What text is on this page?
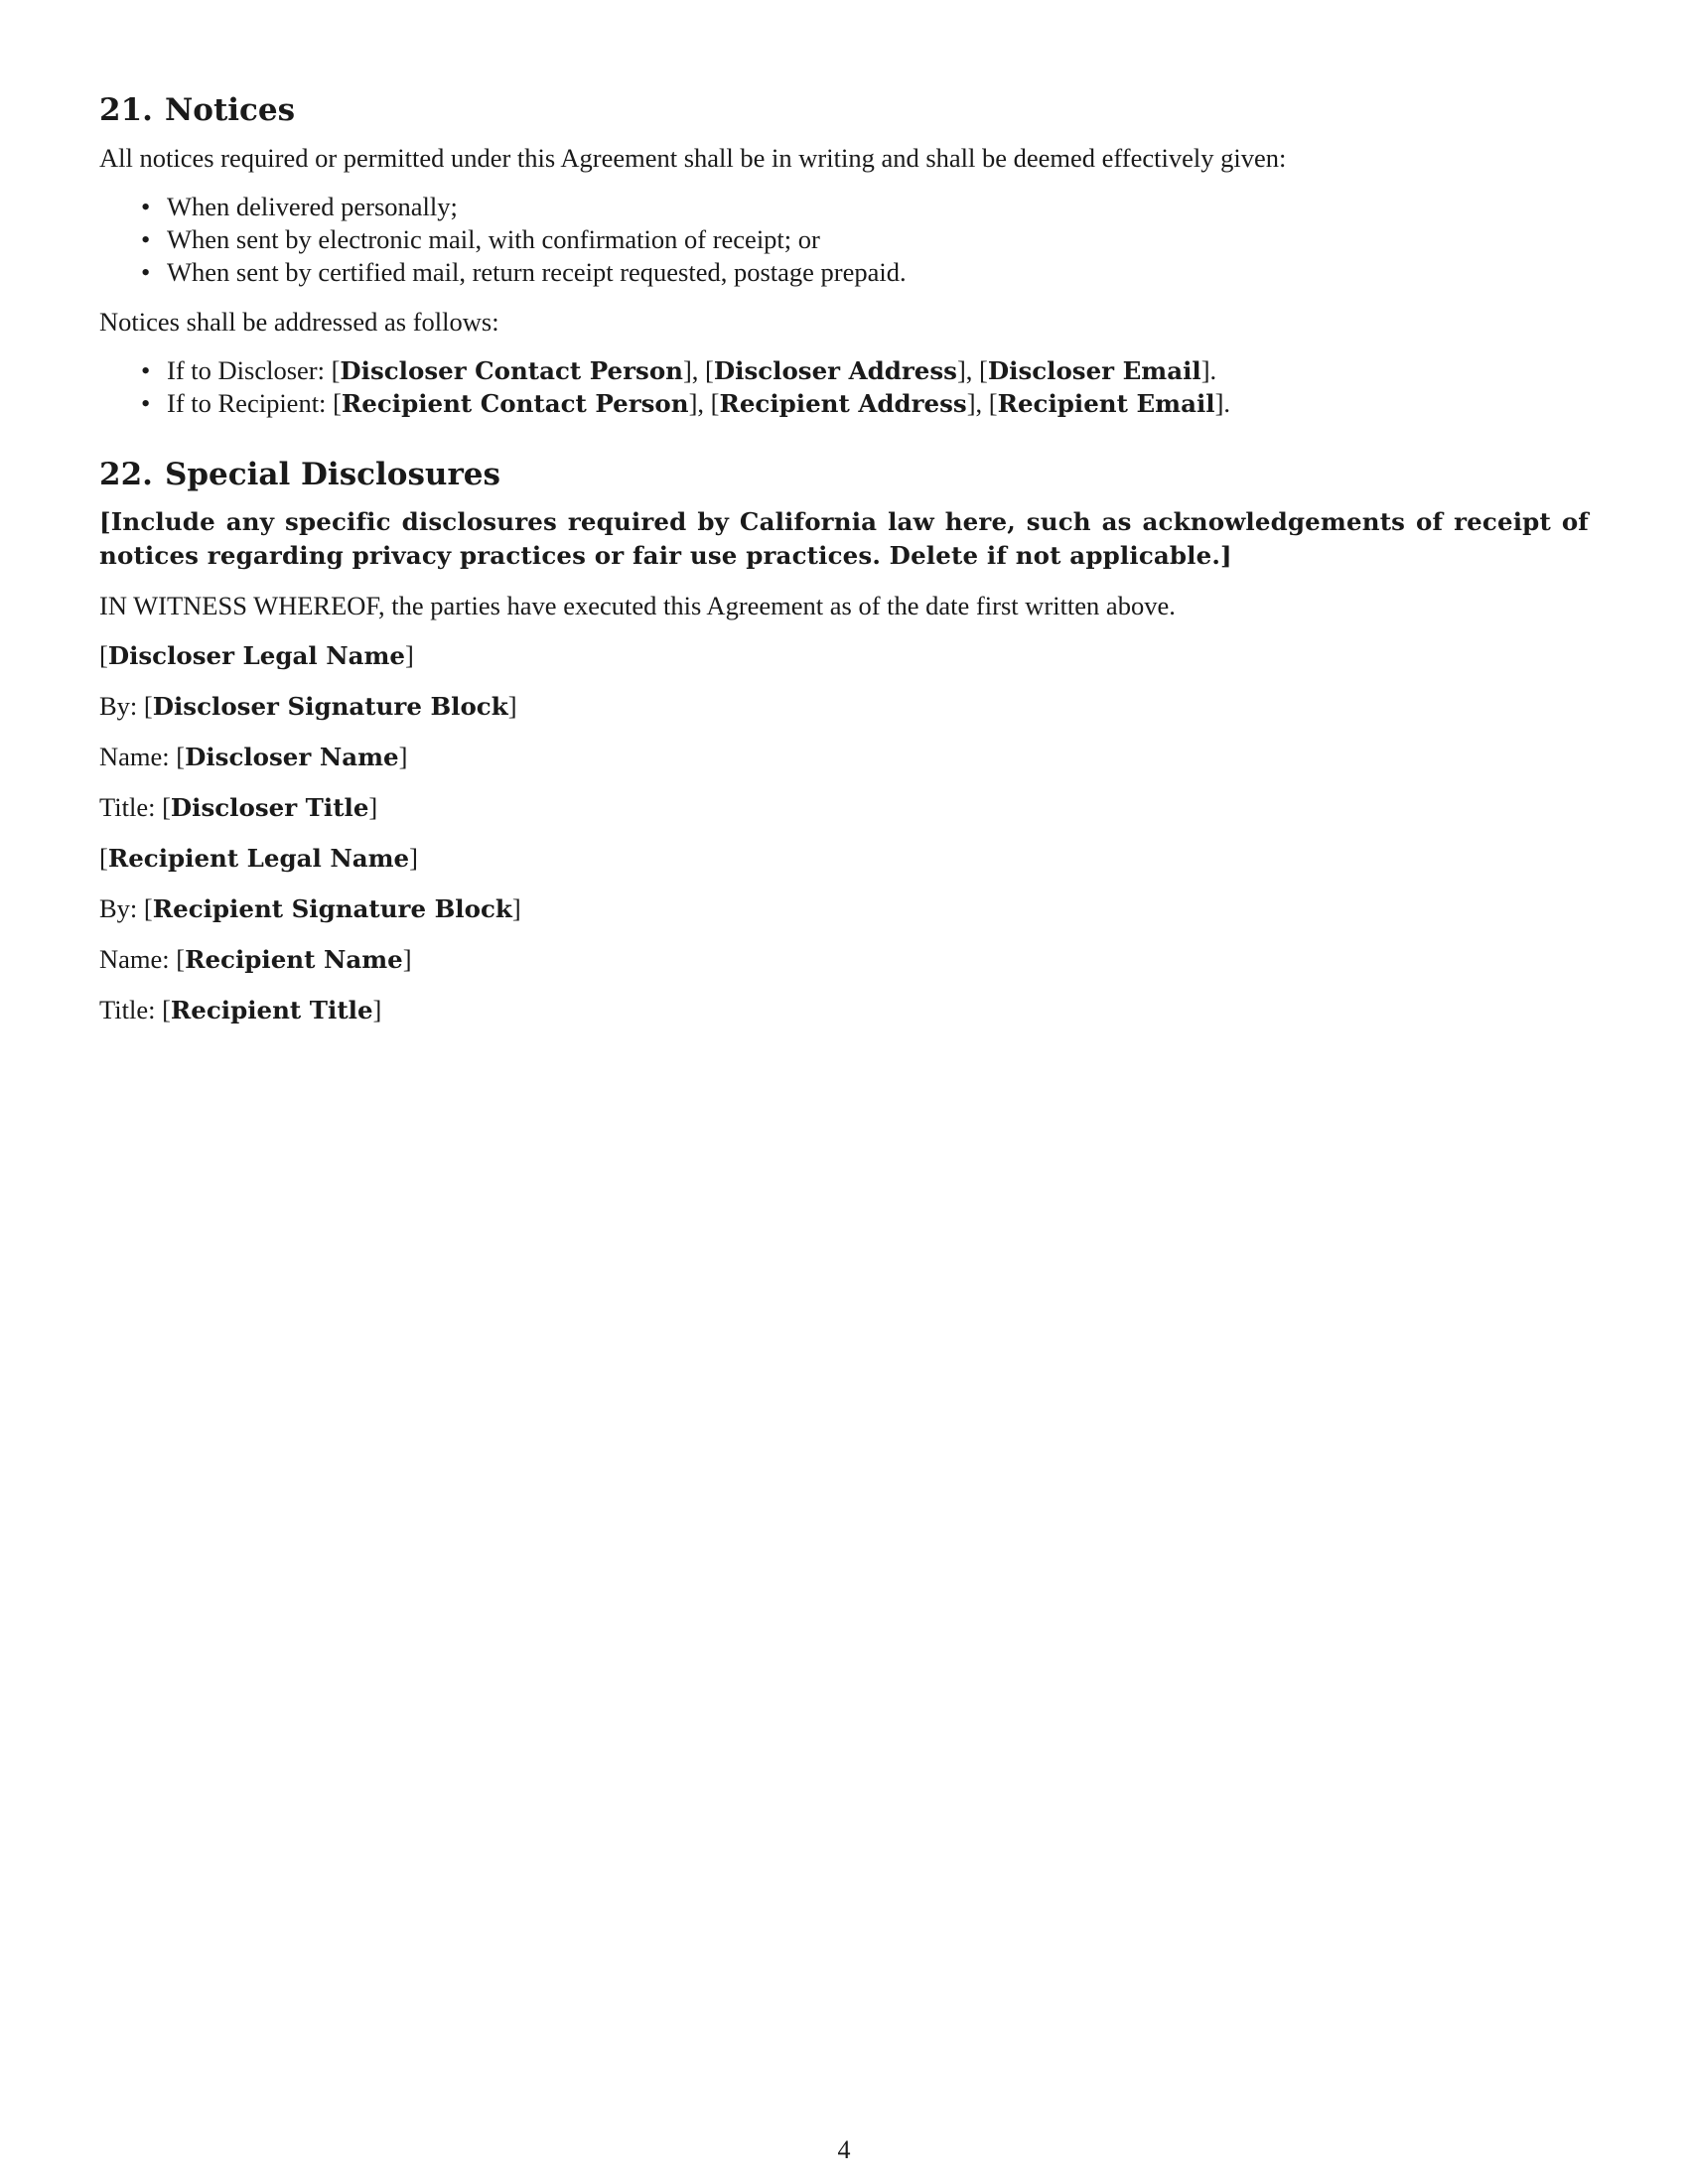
21. Notices

All notices required or permitted under this Agreement shall be in writing and shall be deemed effectively given:

• When delivered personally;
• When sent by electronic mail, with confirmation of receipt; or
• When sent by certified mail, return receipt requested, postage prepaid.

Notices shall be addressed as follows:

• If to Discloser: [Discloser Contact Person], [Discloser Address], [Discloser Email].
• If to Recipient: [Recipient Contact Person], [Recipient Address], [Recipient Email].
22. Special Disclosures

[Include any specific disclosures required by California law here, such as acknowledgements of receipt of notices regarding privacy practices or fair use practices. Delete if not applicable.]

IN WITNESS WHEREOF, the parties have executed this Agreement as of the date first written above.

[Discloser Legal Name]

By: [Discloser Signature Block]

Name: [Discloser Name]

Title: [Discloser Title]

[Recipient Legal Name]

By: [Recipient Signature Block]

Name: [Recipient Name]

Title: [Recipient Title]

4
